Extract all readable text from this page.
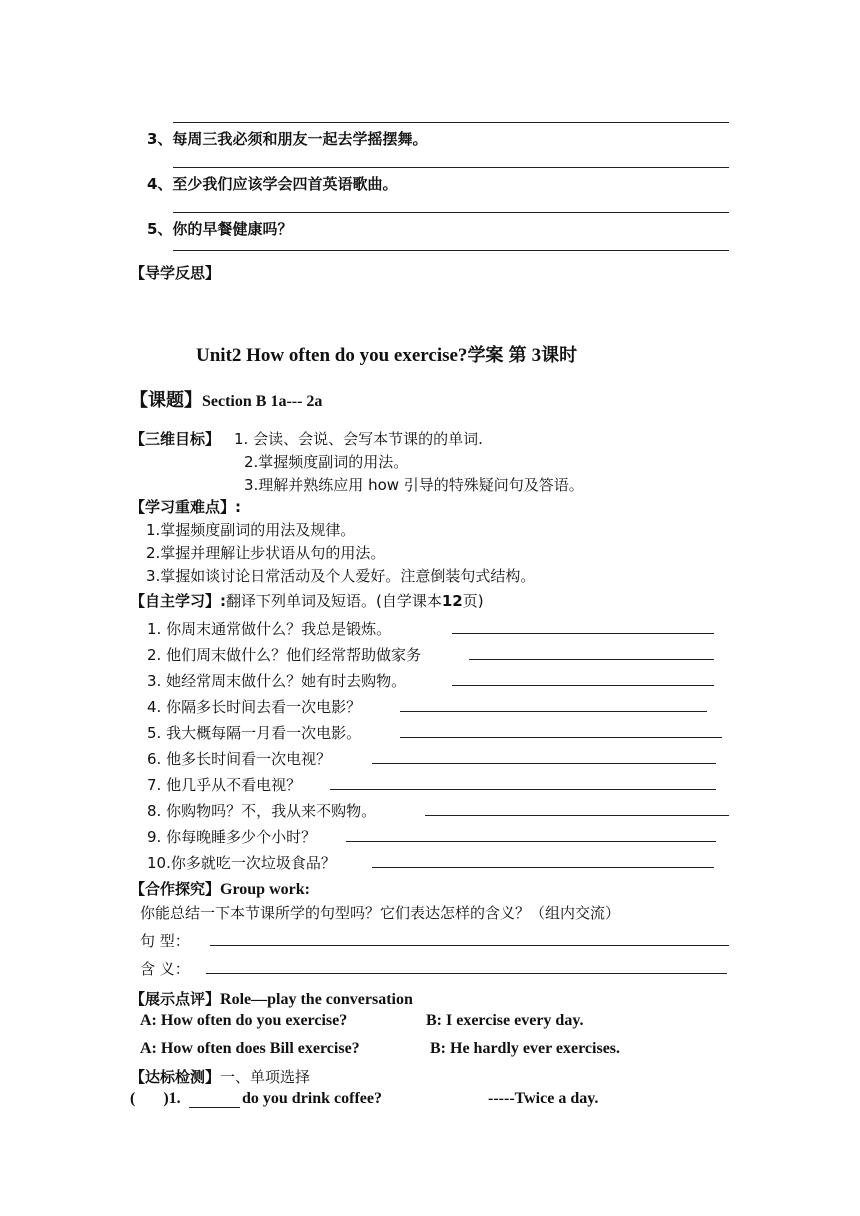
3、每周三我必须和朋友一起去学摇摆舞。
4、至少我们应该学会四首英语歌曲。
5、你的早餐健康吗？
【导学反思】
Unit2 How often do you exercise?学案 第 3课时
【课题】Section B 1a--- 2a
【三维目标】 1. 会读、会说、会写本节课的的单词.
2.掌握频度副词的用法。
3.理解并熟练应用 how 引导的特殊疑问句及答语。
【学习重难点】:
1.掌握频度副词的用法及规律。
2.掌握并理解让步状语从句的用法。
3.掌握如谈讨论日常活动及个人爱好。注意倒装句式结构。
【自主学习】:翻译下列单词及短语。(自学课本12页)
1. 你周末通常做什么？我总是锻炼。
2. 他们周末做什么？他们经常帮助做家务
3. 她经常周末做什么？她有时去购物。
4. 你隔多长时间去看一次电影？
5. 我大概每隔一月看一次电影。
6. 他多长时间看一次电视？
7. 他几乎从不看电视？
8. 你购物吗？不，我从来不购物。
9. 你每晚睡多少个小时？
10.你多就吃一次垃圾食品？
【合作探究】Group work:
你能总结一下本节课所学的句型吗？它们表达怎样的含义？（组内交流）
句 型：
含 义：
【展示点评】Role—play the conversation
A: How often do you exercise?	B: I exercise every day.
A: How often does Bill exercise?	B: He hardly ever exercises.
【达标检测】一、单项选择
(       )1.	do you drink coffee?	-----Twice a day.
